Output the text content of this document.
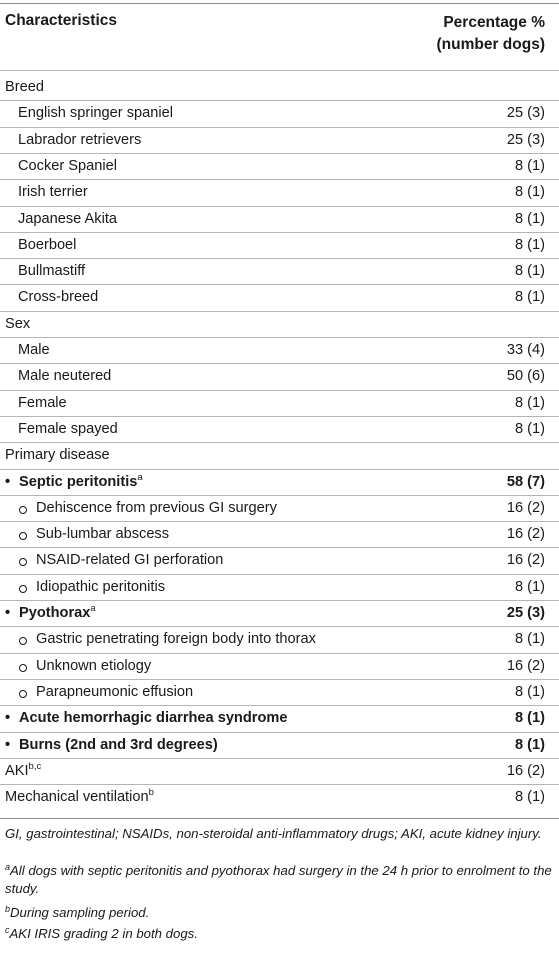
Characteristics	Percentage %
(number dogs)
Breed
English springer spaniel	25 (3)
Labrador retrievers	25 (3)
Cocker Spaniel	8 (1)
Irish terrier	8 (1)
Japanese Akita	8 (1)
Boerboel	8 (1)
Bullmastiff	8 (1)
Cross-breed	8 (1)
Sex
Male	33 (4)
Male neutered	50 (6)
Female	8 (1)
Female spayed	8 (1)
Primary disease
• Septic peritonitis$^a$	58 (7)
Dehiscence from previous GI surgery	16 (2)
Sub-lumbar abscess	16 (2)
NSAID-related GI perforation	16 (2)
Idiopathic peritonitis	8 (1)
• Pyothorax$^a$	25 (3)
Gastric penetrating foreign body into thorax	8 (1)
Unknown etiology	16 (2)
Parapneumonic effusion	8 (1)
• Acute hemorrhagic diarrhea syndrome	8 (1)
• Burns (2nd and 3rd degrees)	8 (1)
AKI$^{b,c}$	16 (2)
Mechanical ventilation$^b$	8 (1)
GI, gastrointestinal; NSAIDs, non-steroidal anti-inflammatory drugs; AKI, acute kidney injury.
$^a$All dogs with septic peritonitis and pyothorax had surgery in the 24 h prior to enrolment to the study.
$^b$During sampling period.
$^c$AKI IRIS grading 2 in both dogs.
